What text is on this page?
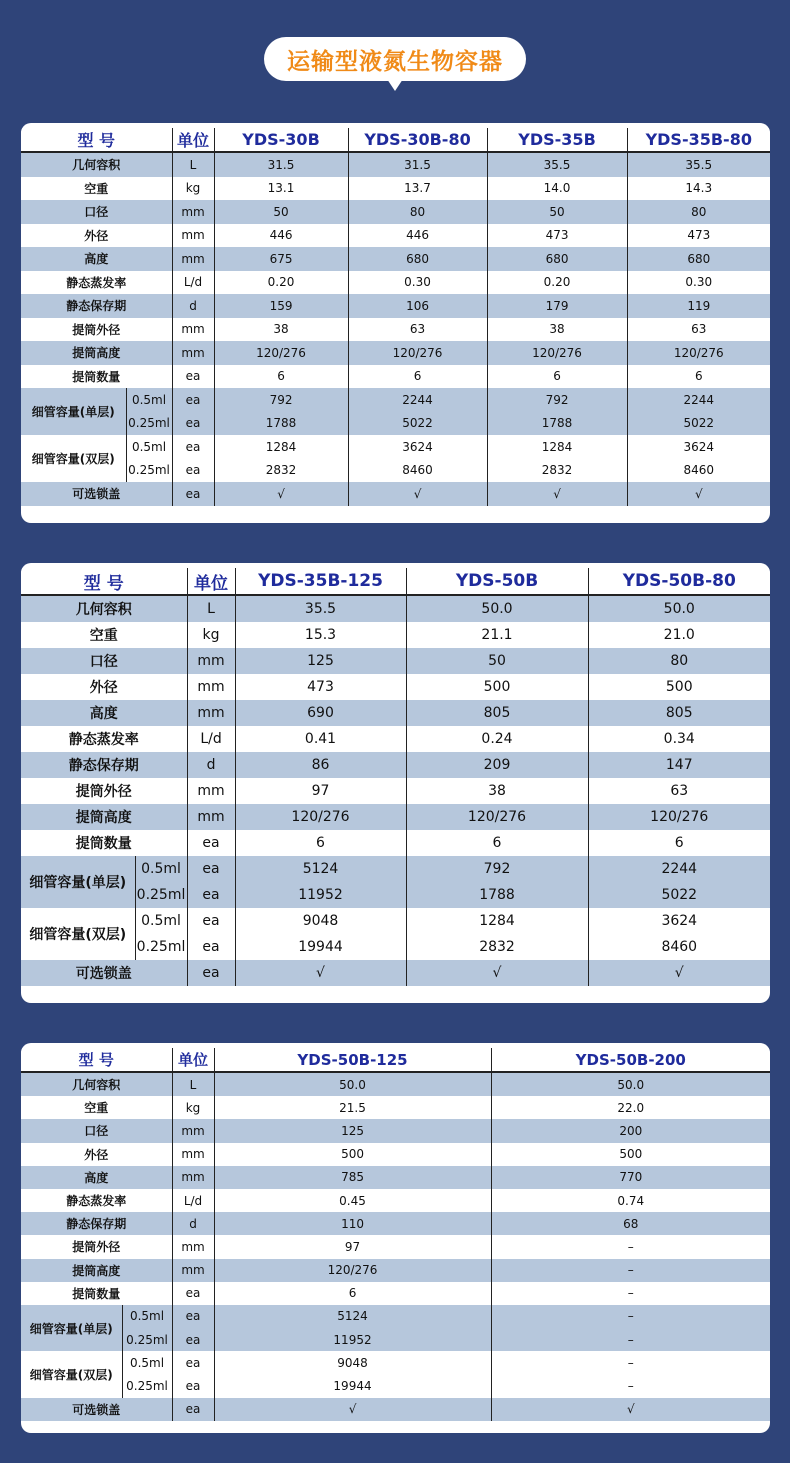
运输型液氮生物容器
型 号		单位	YDS-30B	YDS-30B-80	YDS-35B	YDS-35B-80
几何容积		L	31.5	31.5	35.5	35.5
空重		kg	13.1	13.7	14.0	14.3
口径		mm	50	80	50	80
外径		mm	446	446	473	473
高度		mm	675	680	680	680
静态蒸发率		L/d	0.20	0.30	0.20	0.30
静态保存期		d	159	106	179	119
提筒外径		mm	38	63	38	63
提筒高度		mm	120/276	120/276	120/276	120/276
提筒数量		ea	6	6	6	6
细管容量(单层)	0.5ml	ea	792	2244	792	2244
	0.25ml	ea	1788	5022	1788	5022
细管容量(双层)	0.5ml	ea	1284	3624	1284	3624
	0.25ml	ea	2832	8460	2832	8460
可选锁盖		ea	√	√	√	√
型 号		单位	YDS-35B-125	YDS-50B	YDS-50B-80
几何容积		L	35.5	50.0	50.0
空重		kg	15.3	21.1	21.0
口径		mm	125	50	80
外径		mm	473	500	500
高度		mm	690	805	805
静态蒸发率		L/d	0.41	0.24	0.34
静态保存期		d	86	209	147
提筒外径		mm	97	38	63
提筒高度		mm	120/276	120/276	120/276
提筒数量		ea	6	6	6
细管容量(单层)	0.5ml	ea	5124	792	2244
	0.25ml	ea	11952	1788	5022
细管容量(双层)	0.5ml	ea	9048	1284	3624
	0.25ml	ea	19944	2832	8460
可选锁盖		ea	√	√	√
型 号		单位	YDS-50B-125	YDS-50B-200
几何容积		L	50.0	50.0
空重		kg	21.5	22.0
口径		mm	125	200
外径		mm	500	500
高度		mm	785	770
静态蒸发率		L/d	0.45	0.74
静态保存期		d	110	68
提筒外径		mm	97	–
提筒高度		mm	120/276	–
提筒数量		ea	6	–
细管容量(单层)	0.5ml	ea	5124	–
	0.25ml	ea	11952	–
细管容量(双层)	0.5ml	ea	9048	–
	0.25ml	ea	19944	–
可选锁盖		ea	√	√
